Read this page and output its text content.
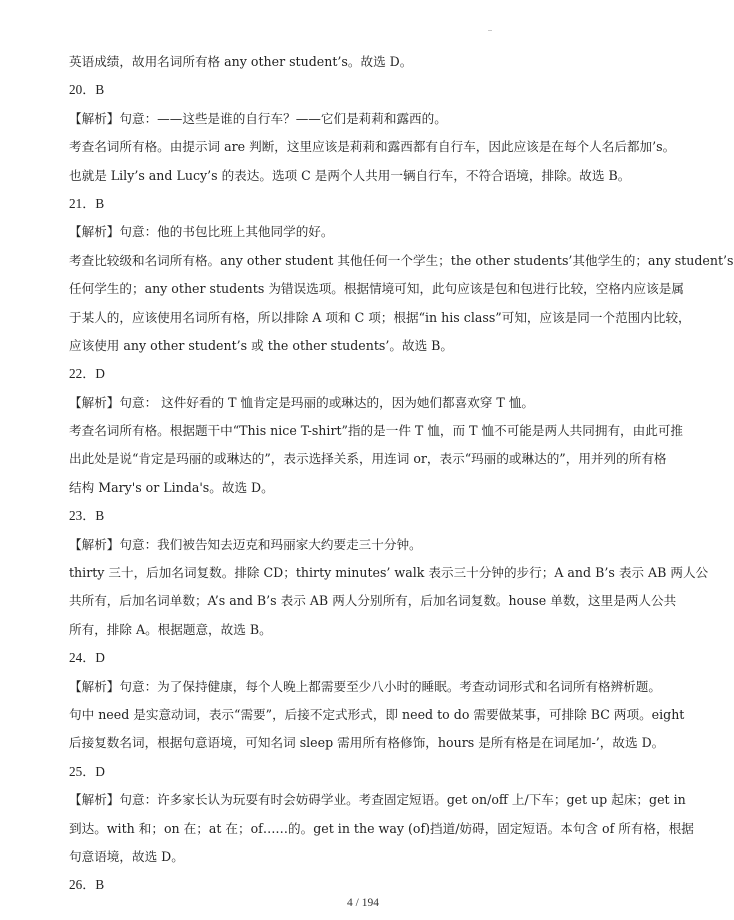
英语成绩，故用名词所有格 any other student’s。故选 D。
20．B
【解析】句意：——这些是谁的自行车？——它们是莉莉和露西的。
考查名词所有格。由提示词 are 判断，这里应该是莉莉和露西都有自行车，因此应该是在每个人名后都加’s。
也就是 Lily’s and Lucy’s 的表达。选项 C 是两个人共用一辆自行车，不符合语境，排除。故选 B。
21．B
【解析】句意：他的书包比班上其他同学的好。
考查比较级和名词所有格。any other student 其他任何一个学生；the other students’其他学生的；any student’s
任何学生的；any other students 为错误选项。根据情境可知，此句应该是包和包进行比较，空格内应该是属
于某人的，应该使用名词所有格，所以排除 A 项和 C 项；根据“in his class”可知，应该是同一个范围内比较，
应该使用 any other student’s 或 the other students’。故选 B。
22．D
【解析】句意： 这件好看的 T 恤肯定是玛丽的或琳达的，因为她们都喜欢穿 T 恤。
考查名词所有格。根据题干中“This nice T-shirt”指的是一件 T 恤，而 T 恤不可能是两人共同拥有，由此可推
出此处是说“肯定是玛丽的或琳达的”，表示选择关系，用连词 or，表示“玛丽的或琳达的”，用并列的所有格
结构 Mary's or Linda's。故选 D。
23．B
【解析】句意：我们被告知去迈克和玛丽家大约要走三十分钟。
thirty 三十，后加名词复数。排除 CD；thirty minutes’ walk 表示三十分钟的步行；A and B’s 表示 AB 两人公
共所有，后加名词单数；A’s and B’s 表示 AB 两人分别所有，后加名词复数。house 单数，这里是两人公共
所有，排除 A。根据题意，故选 B。
24．D
【解析】句意：为了保持健康，每个人晚上都需要至少八小时的睡眠。考查动词形式和名词所有格辨析题。
句中 need 是实意动词，表示“需要”，后接不定式形式，即 need to do 需要做某事，可排除 BC 两项。eight
后接复数名词，根据句意语境，可知名词 sleep 需用所有格修饰，hours 是所有格是在词尾加-’，故选 D。
25．D
【解析】句意：许多家长认为玩耍有时会妨碍学业。考查固定短语。get on/off 上/下车；get up 起床；get in
到达。with 和；on 在；at 在；of……的。get in the way (of)挡道/妨碍，固定短语。本句含 of 所有格，根据
句意语境，故选 D。
26．B
4 / 194
